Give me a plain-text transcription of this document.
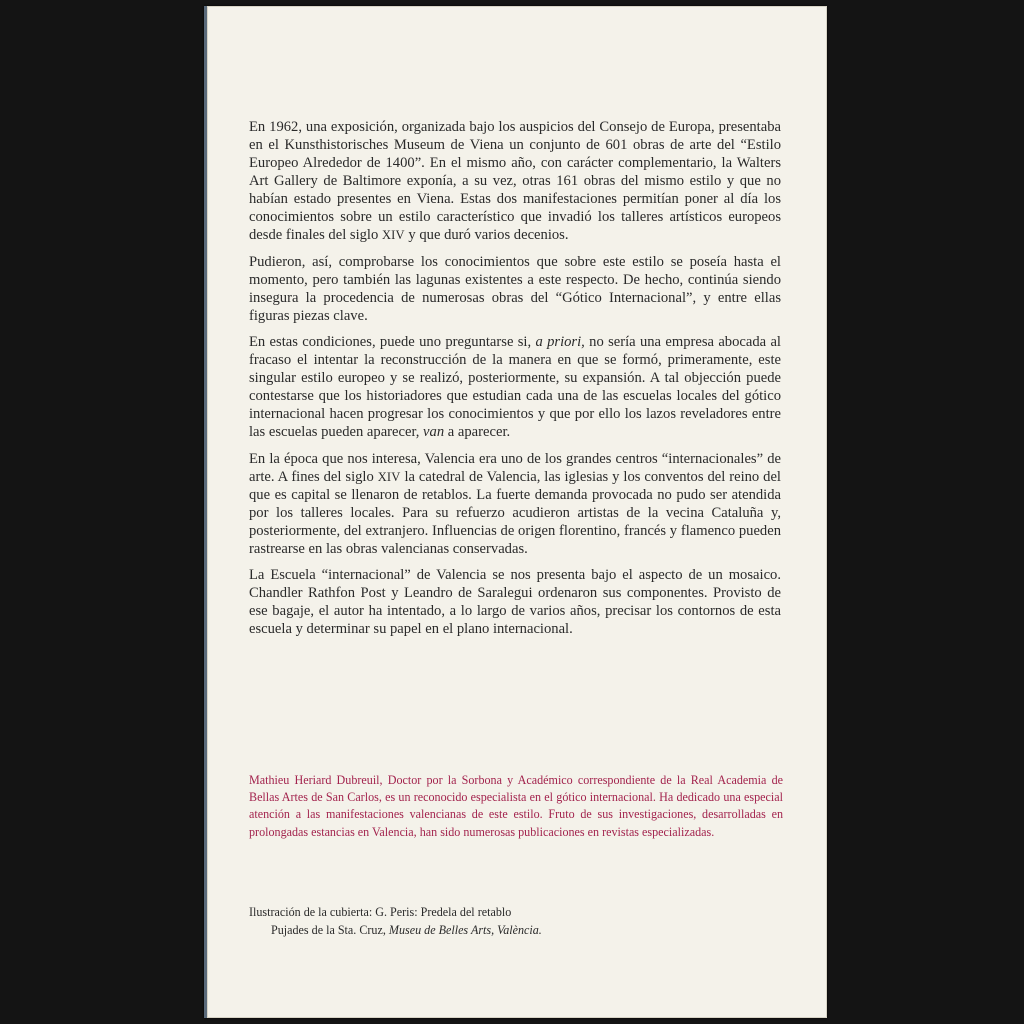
En 1962, una exposición, organizada bajo los auspicios del Consejo de Europa, presentaba en el Kunsthistorisches Museum de Viena un conjunto de 601 obras de arte del “Estilo Europeo Alrededor de 1400”. En el mismo año, con carácter complementario, la Walters Art Gallery de Baltimore exponía, a su vez, otras 161 obras del mismo estilo y que no habían estado presentes en Viena. Estas dos manifestaciones permitían poner al día los conocimientos sobre un estilo característico que invadió los talleres artísticos europeos desde finales del siglo XIV y que duró varios decenios.

Pudieron, así, comprobarse los conocimientos que sobre este estilo se poseía hasta el momento, pero también las lagunas existentes a este respecto. De hecho, continúa siendo insegura la procedencia de numerosas obras del “Gótico Internacional”, y entre ellas figuras piezas clave.

En estas condiciones, puede uno preguntarse si, a priori, no sería una empresa abocada al fracaso el intentar la reconstrucción de la manera en que se formó, primeramente, este singular estilo europeo y se realizó, posteriormente, su expansión. A tal objección puede contestarse que los historiadores que estudian cada una de las escuelas locales del gótico internacional hacen progresar los conocimientos y que por ello los lazos reveladores entre las escuelas pueden aparecer, van a aparecer.

En la época que nos interesa, Valencia era uno de los grandes centros “internacionales” de arte. A fines del siglo XIV la catedral de Valencia, las iglesias y los conventos del reino del que es capital se llenaron de retablos. La fuerte demanda provocada no pudo ser atendida por los talleres locales. Para su refuerzo acudieron artistas de la vecina Cataluña y, posteriormente, del extranjero. Influencias de origen florentino, francés y flamenco pueden rastrearse en las obras valencianas conservadas.

La Escuela “internacional” de Valencia se nos presenta bajo el aspecto de un mosaico. Chandler Rathfon Post y Leandro de Saralegui ordenaron sus componentes. Provisto de ese bagaje, el autor ha intentado, a lo largo de varios años, precisar los contornos de esta escuela y determinar su papel en el plano internacional.

Mathieu Heriard Dubreuil, Doctor por la Sorbona y Académico correspondiente de la Real Academia de Bellas Artes de San Carlos, es un reconocido especialista en el gótico internacional. Ha dedicado una especial atención a las manifestaciones valencianas de este estilo. Fruto de sus investigaciones, desarrolladas en prolongadas estancias en Valencia, han sido numerosas publicaciones en revistas especializadas.
Ilustración de la cubierta: G. Peris: Predela del retablo
Pujades de la Sta. Cruz, Museu de Belles Arts, València.
